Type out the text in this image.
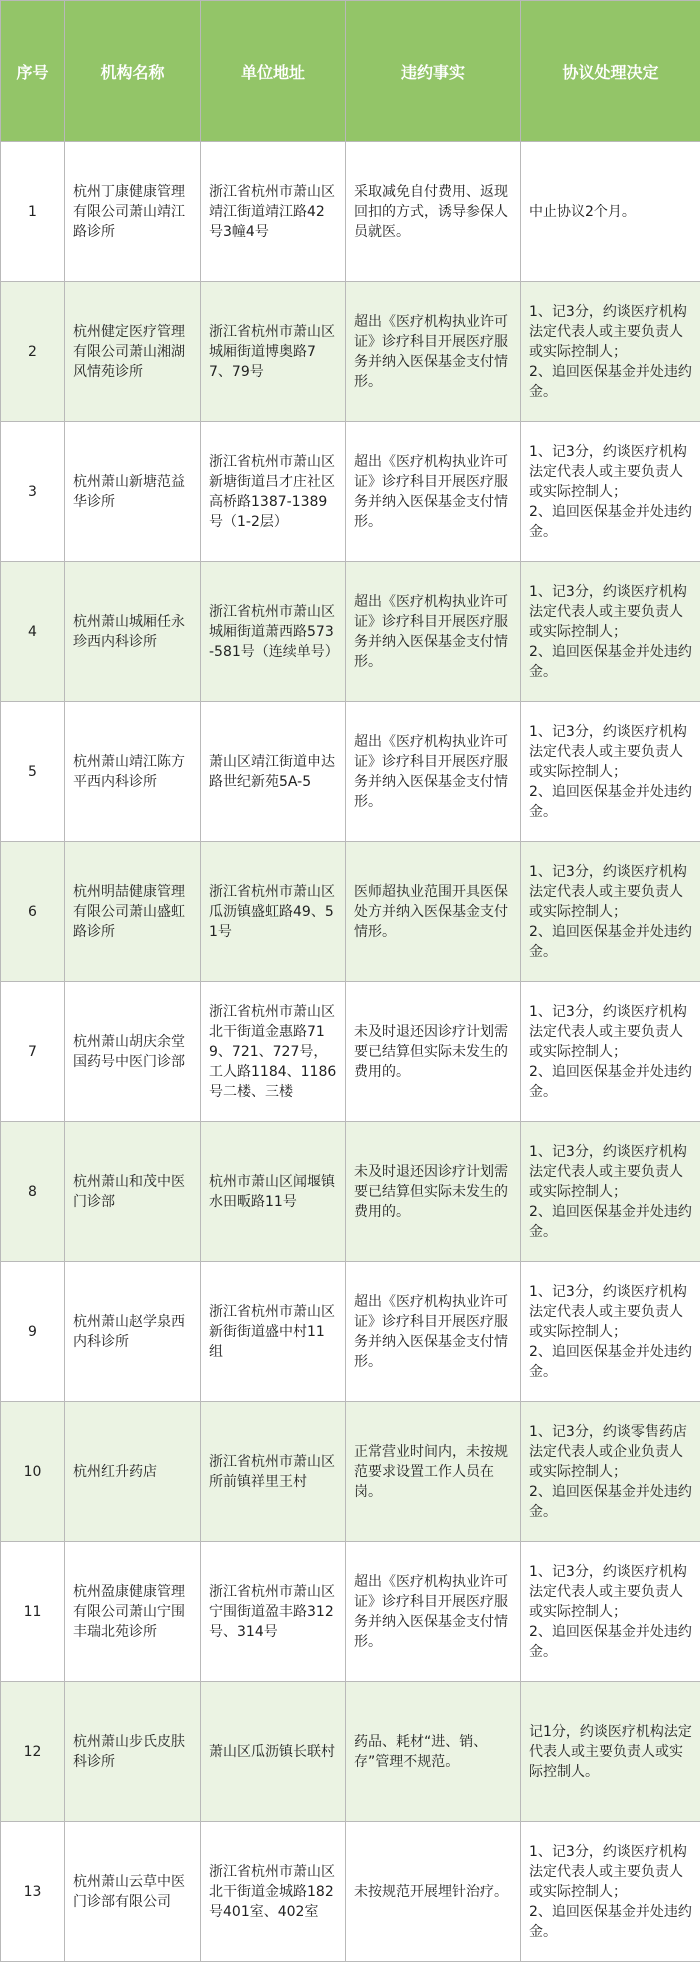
序号	机构名称	单位地址	违约事实	协议处理决定
1	杭州丁康健康管理有限公司萧山靖江路诊所	浙江省杭州市萧山区靖江街道靖江路42号3幢4号	采取减免自付费用、返现回扣的方式，诱导参保人员就医。	中止协议2个月。
2	杭州健定医疗管理有限公司萧山湘湖风情苑诊所	浙江省杭州市萧山区城厢街道博奥路77、79号	超出《医疗机构执业许可证》诊疗科目开展医疗服务并纳入医保基金支付情形。	1、记3分，约谈医疗机构法定代表人或主要负责人或实际控制人；
2、追回医保基金并处违约金。
3	杭州萧山新塘范益华诊所	浙江省杭州市萧山区新塘街道吕才庄社区高桥路1387-1389号（1-2层）	超出《医疗机构执业许可证》诊疗科目开展医疗服务并纳入医保基金支付情形。	1、记3分，约谈医疗机构法定代表人或主要负责人或实际控制人；
2、追回医保基金并处违约金。
4	杭州萧山城厢任永珍西内科诊所	浙江省杭州市萧山区城厢街道萧西路573-581号（连续单号）	超出《医疗机构执业许可证》诊疗科目开展医疗服务并纳入医保基金支付情形。	1、记3分，约谈医疗机构法定代表人或主要负责人或实际控制人；
2、追回医保基金并处违约金。
5	杭州萧山靖江陈方平西内科诊所	萧山区靖江街道申达路世纪新苑5A-5	超出《医疗机构执业许可证》诊疗科目开展医疗服务并纳入医保基金支付情形。	1、记3分，约谈医疗机构法定代表人或主要负责人或实际控制人；
2、追回医保基金并处违约金。
6	杭州明喆健康管理有限公司萧山盛虹路诊所	浙江省杭州市萧山区瓜沥镇盛虹路49、51号	医师超执业范围开具医保处方并纳入医保基金支付情形。	1、记3分，约谈医疗机构法定代表人或主要负责人或实际控制人；
2、追回医保基金并处违约金。
7	杭州萧山胡庆余堂国药号中医门诊部	浙江省杭州市萧山区北干街道金惠路719、721、727号，工人路1184、1186号二楼、三楼	未及时退还因诊疗计划需要已结算但实际未发生的费用的。	1、记3分，约谈医疗机构法定代表人或主要负责人或实际控制人；
2、追回医保基金并处违约金。
8	杭州萧山和茂中医门诊部	杭州市萧山区闻堰镇水田畈路11号	未及时退还因诊疗计划需要已结算但实际未发生的费用的。	1、记3分，约谈医疗机构法定代表人或主要负责人或实际控制人；
2、追回医保基金并处违约金。
9	杭州萧山赵学泉西内科诊所	浙江省杭州市萧山区新街街道盛中村11组	超出《医疗机构执业许可证》诊疗科目开展医疗服务并纳入医保基金支付情形。	1、记3分，约谈医疗机构法定代表人或主要负责人或实际控制人；
2、追回医保基金并处违约金。
10	杭州红升药店	浙江省杭州市萧山区所前镇祥里王村	正常营业时间内，未按规范要求设置工作人员在岗。	1、记3分，约谈零售药店法定代表人或企业负责人或实际控制人；
2、追回医保基金并处违约金。
11	杭州盈康健康管理有限公司萧山宁围丰瑞北苑诊所	浙江省杭州市萧山区宁围街道盈丰路312号、314号	超出《医疗机构执业许可证》诊疗科目开展医疗服务并纳入医保基金支付情形。	1、记3分，约谈医疗机构法定代表人或主要负责人或实际控制人；
2、追回医保基金并处违约金。
12	杭州萧山步氏皮肤科诊所	萧山区瓜沥镇长联村	药品、耗材“进、销、存”管理不规范。	记1分，约谈医疗机构法定代表人或主要负责人或实际控制人。
13	杭州萧山云草中医门诊部有限公司	浙江省杭州市萧山区北干街道金城路182号401室、402室	未按规范开展埋针治疗。	1、记3分，约谈医疗机构法定代表人或主要负责人或实际控制人；
2、追回医保基金并处违约金。
